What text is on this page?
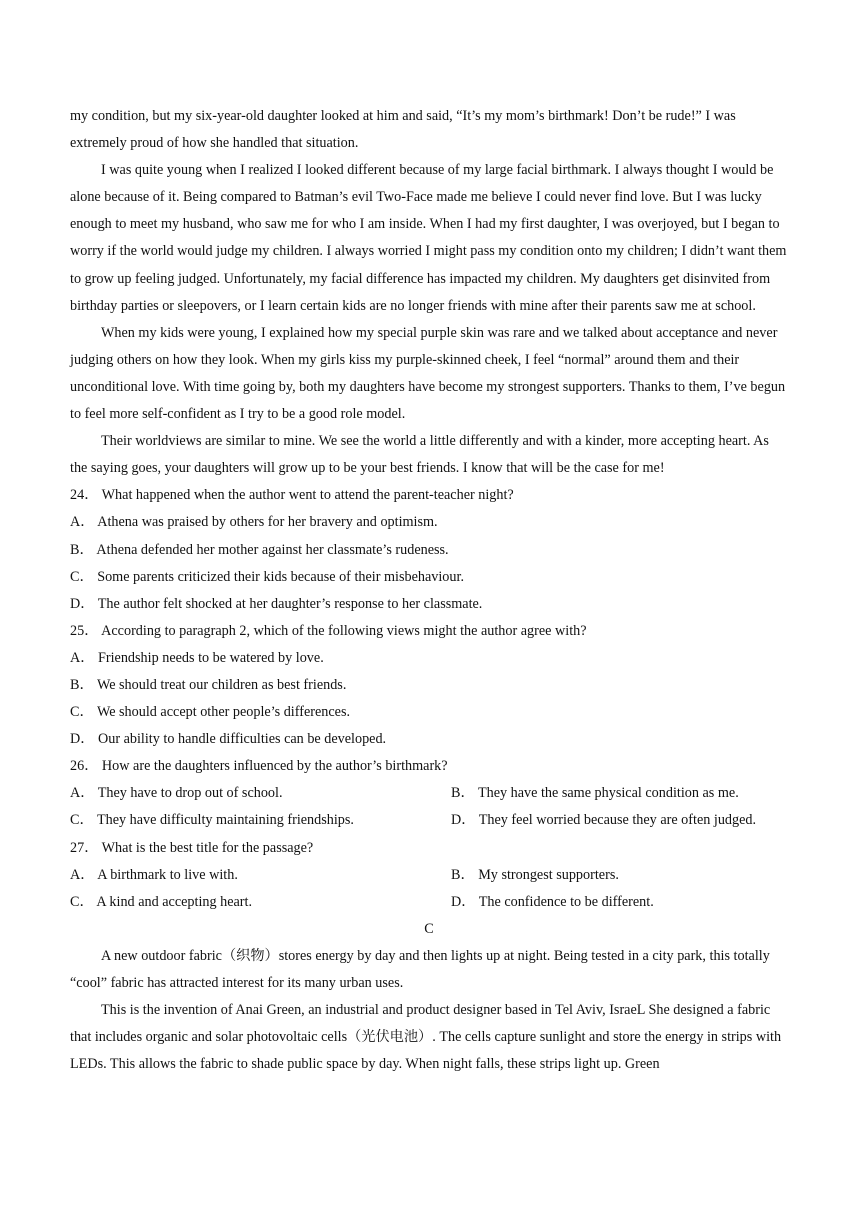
my condition, but my six-year-old daughter looked at him and said, “It’s my mom’s birthmark! Don’t be rude!” I was extremely proud of how she handled that situation.

I was quite young when I realized I looked different because of my large facial birthmark. I always thought I would be alone because of it. Being compared to Batman’s evil Two-Face made me believe I could never find love. But I was lucky enough to meet my husband, who saw me for who I am inside. When I had my first daughter, I was overjoyed, but I began to worry if the world would judge my children. I always worried I might pass my condition onto my children; I didn’t want them to grow up feeling judged. Unfortunately, my facial difference has impacted my children. My daughters get disinvited from birthday parties or sleepovers, or I learn certain kids are no longer friends with mine after their parents saw me at school.

When my kids were young, I explained how my special purple skin was rare and we talked about acceptance and never judging others on how they look. When my girls kiss my purple-skinned cheek, I feel “normal” around them and their unconditional love. With time going by, both my daughters have become my strongest supporters. Thanks to them, I’ve begun to feel more self-confident as I try to be a good role model.

Their worldviews are similar to mine. We see the world a little differently and with a kinder, more accepting heart. As the saying goes, your daughters will grow up to be your best friends. I know that will be the case for me!

24． What happened when the author went to attend the parent-teacher night?

A． Athena was praised by others for her bravery and optimism.

B． Athena defended her mother against her classmate’s rudeness.

C． Some parents criticized their kids because of their misbehaviour.

D． The author felt shocked at her daughter’s response to her classmate.

25． According to paragraph 2, which of the following views might the author agree with?

A． Friendship needs to be watered by love.

B． We should treat our children as best friends.

C． We should accept other people’s differences.

D． Our ability to handle difficulties can be developed.

26． How are the daughters influenced by the author’s birthmark?

A． They have to drop out of school.	B． They have the same physical condition as me.
C． They have difficulty maintaining friendships.	D． They feel worried because they are often judged.

27． What is the best title for the passage?

A． A birthmark to live with.	B． My strongest supporters.
C． A kind and accepting heart.	D． The confidence to be different.

C

A new outdoor fabric（织物）stores energy by day and then lights up at night. Being tested in a city park, this totally “cool” fabric has attracted interest for its many urban uses.

This is the invention of Anai Green, an industrial and product designer based in Tel Aviv, IsraeL She designed a fabric that includes organic and solar photovoltaic cells（光伏电池）. The cells capture sunlight and store the energy in strips with LEDs. This allows the fabric to shade public space by day. When night falls, these strips light up. Green
